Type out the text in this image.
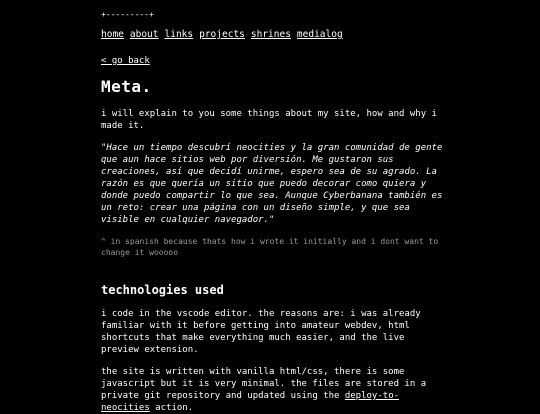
+---------+
home about links projects shrines medialog
< go back
Meta.

i will explain to you some things about my site, how and why i made it.

"Hace un tiempo descubrí neocities y la gran comunidad de gente que aun hace sitios web por diversión. Me gustaron sus creaciones, así que decidí unirme, espero sea de su agrado. La razón es que quería un sitio que puedo decorar como quiera y donde puedo compartir lo que sea. Aunque Cyberbanana también es un reto: crear una página con un diseño simple, y que sea visible en cualquier navegador."

^ in spanish because thats how i wrote it initially and i dont want to change it wooooo

technologies used

i code in the vscode editor. the reasons are: i was already familiar with it before getting into amateur webdev, html shortcuts that make everything much easier, and the live preview extension.

the site is written with vanilla html/css, there is some javascript but it is very minimal. the files are stored in a private git repository and updated using the deploy-to-neocities action.
